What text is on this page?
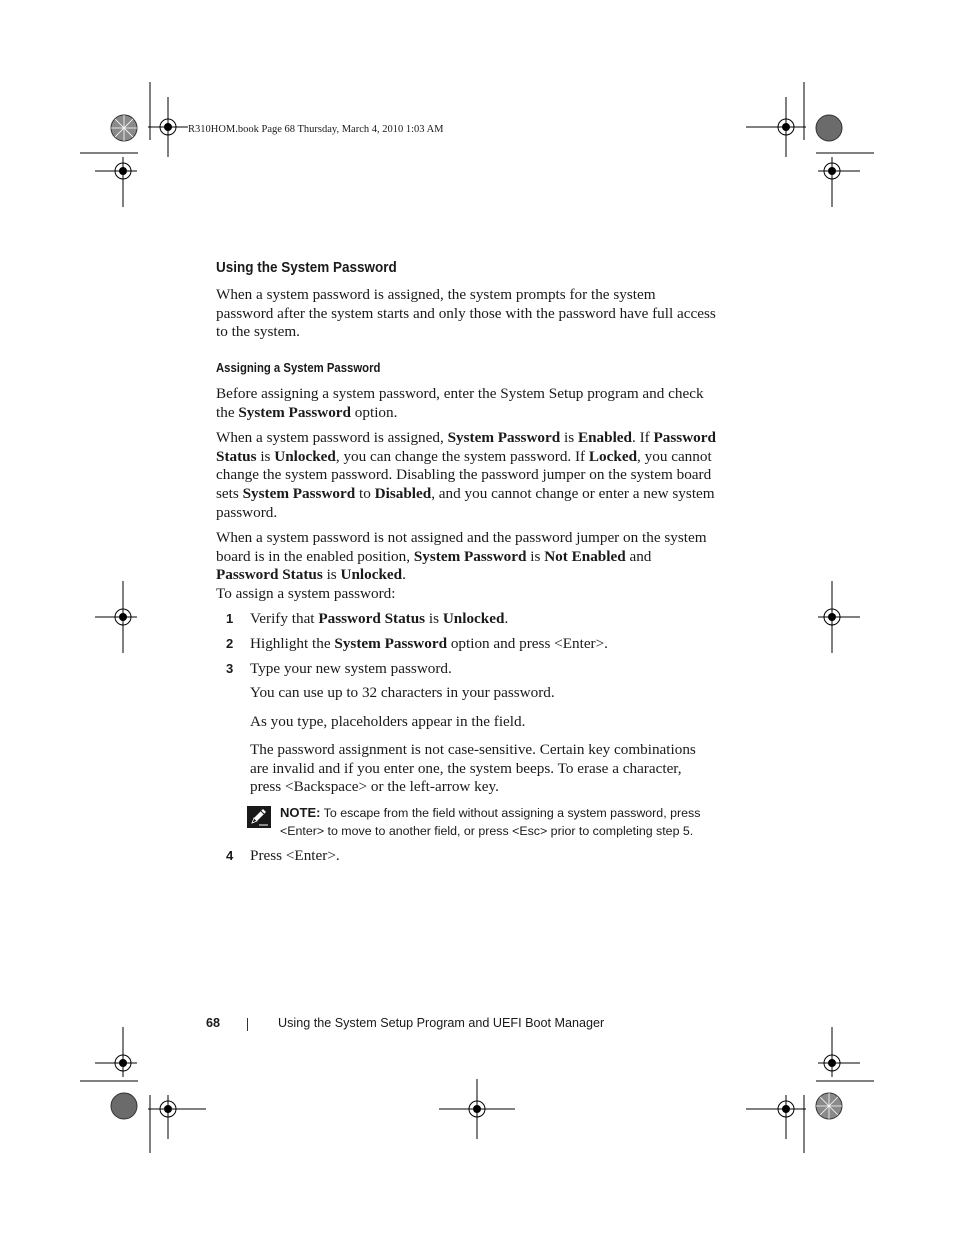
R310HOM.book Page 68 Thursday, March 4, 2010 1:03 AM
Using the System Password

When a system password is assigned, the system prompts for the system password after the system starts and only those with the password have full access to the system.

Assigning a System Password

Before assigning a system password, enter the System Setup program and check the System Password option.

When a system password is assigned, System Password is Enabled. If Password Status is Unlocked, you can change the system password. If Locked, you cannot change the system password. Disabling the password jumper on the system board sets System Password to Disabled, and you cannot change or enter a new system password.

When a system password is not assigned and the password jumper on the system board is in the enabled position, System Password is Not Enabled and Password Status is Unlocked.

To assign a system password:

1 Verify that Password Status is Unlocked.
2 Highlight the System Password option and press <Enter>.
3 Type your new system password.

You can use up to 32 characters in your password.

As you type, placeholders appear in the field.

The password assignment is not case-sensitive. Certain key combinations are invalid and if you enter one, the system beeps. To erase a character, press <Backspace> or the left-arrow key.

NOTE: To escape from the field without assigning a system password, press <Enter> to move to another field, or press <Esc> prior to completing step 5.
4 Press <Enter>.
68	Using the System Setup Program and UEFI Boot Manager
